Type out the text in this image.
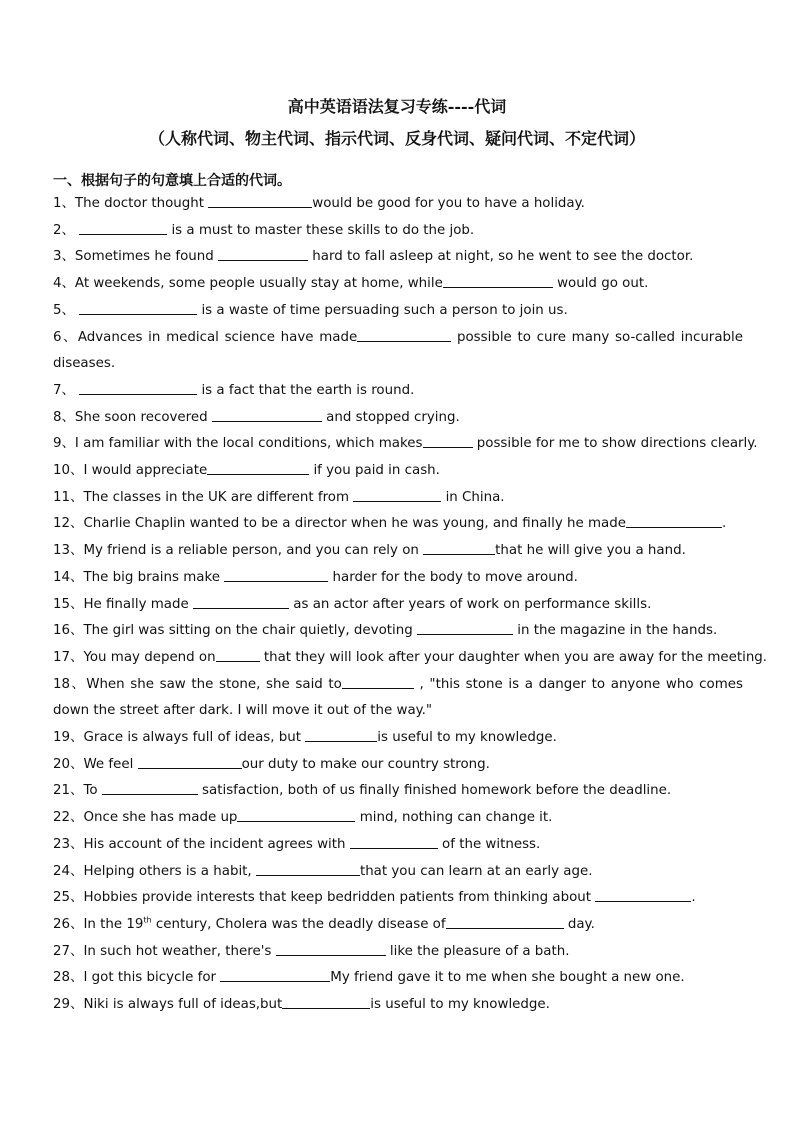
高中英语语法复习专练----代词
（人称代词、物主代词、指示代词、反身代词、疑问代词、不定代词）
一、根据句子的句意填上合适的代词。
1、The doctor thought	would be good for you to have a holiday.
2、	is a must to master these skills to do the job.
3、Sometimes he found	hard to fall asleep at night, so he went to see the doctor.
4、At weekends, some people usually stay at home, while	would go out.
5、	is a waste of time persuading such a person to join us.
6、Advances in medical science have made	possible to cure many so-called incurable diseases.
7、	is a fact that the earth is round.
8、She soon recovered	and stopped crying.
9、I am familiar with the local conditions, which makes	possible for me to show directions clearly.
10、I would appreciate	if you paid in cash.
11、The classes in the UK are different from	in China.
12、Charlie Chaplin wanted to be a director when he was young, and finally he made	.
13、My friend is a reliable person, and you can rely on	that he will give you a hand.
14、The big brains make	harder for the body to move around.
15、He finally made	as an actor after years of work on performance skills.
16、The girl was sitting on the chair quietly, devoting	in the magazine in the hands.
17、You may depend on	that they will look after your daughter when you are away for the meeting.
18、When she saw the stone, she said to	, "this stone is a danger to anyone who comes down the street after dark. I will move it out of the way."
19、Grace is always full of ideas, but	is useful to my knowledge.
20、We feel	our duty to make our country strong.
21、To	satisfaction, both of us finally finished homework before the deadline.
22、Once she has made up	mind, nothing can change it.
23、His account of the incident agrees with	of the witness.
24、Helping others is a habit,	that you can learn at an early age.
25、Hobbies provide interests that keep bedridden patients from thinking about	.
26、In the 19th century, Cholera was the deadly disease of	day.
27、In such hot weather, there's	like the pleasure of a bath.
28、I got this bicycle for	My friend gave it to me when she bought a new one.
29、Niki is always full of ideas,but	is useful to my knowledge.
